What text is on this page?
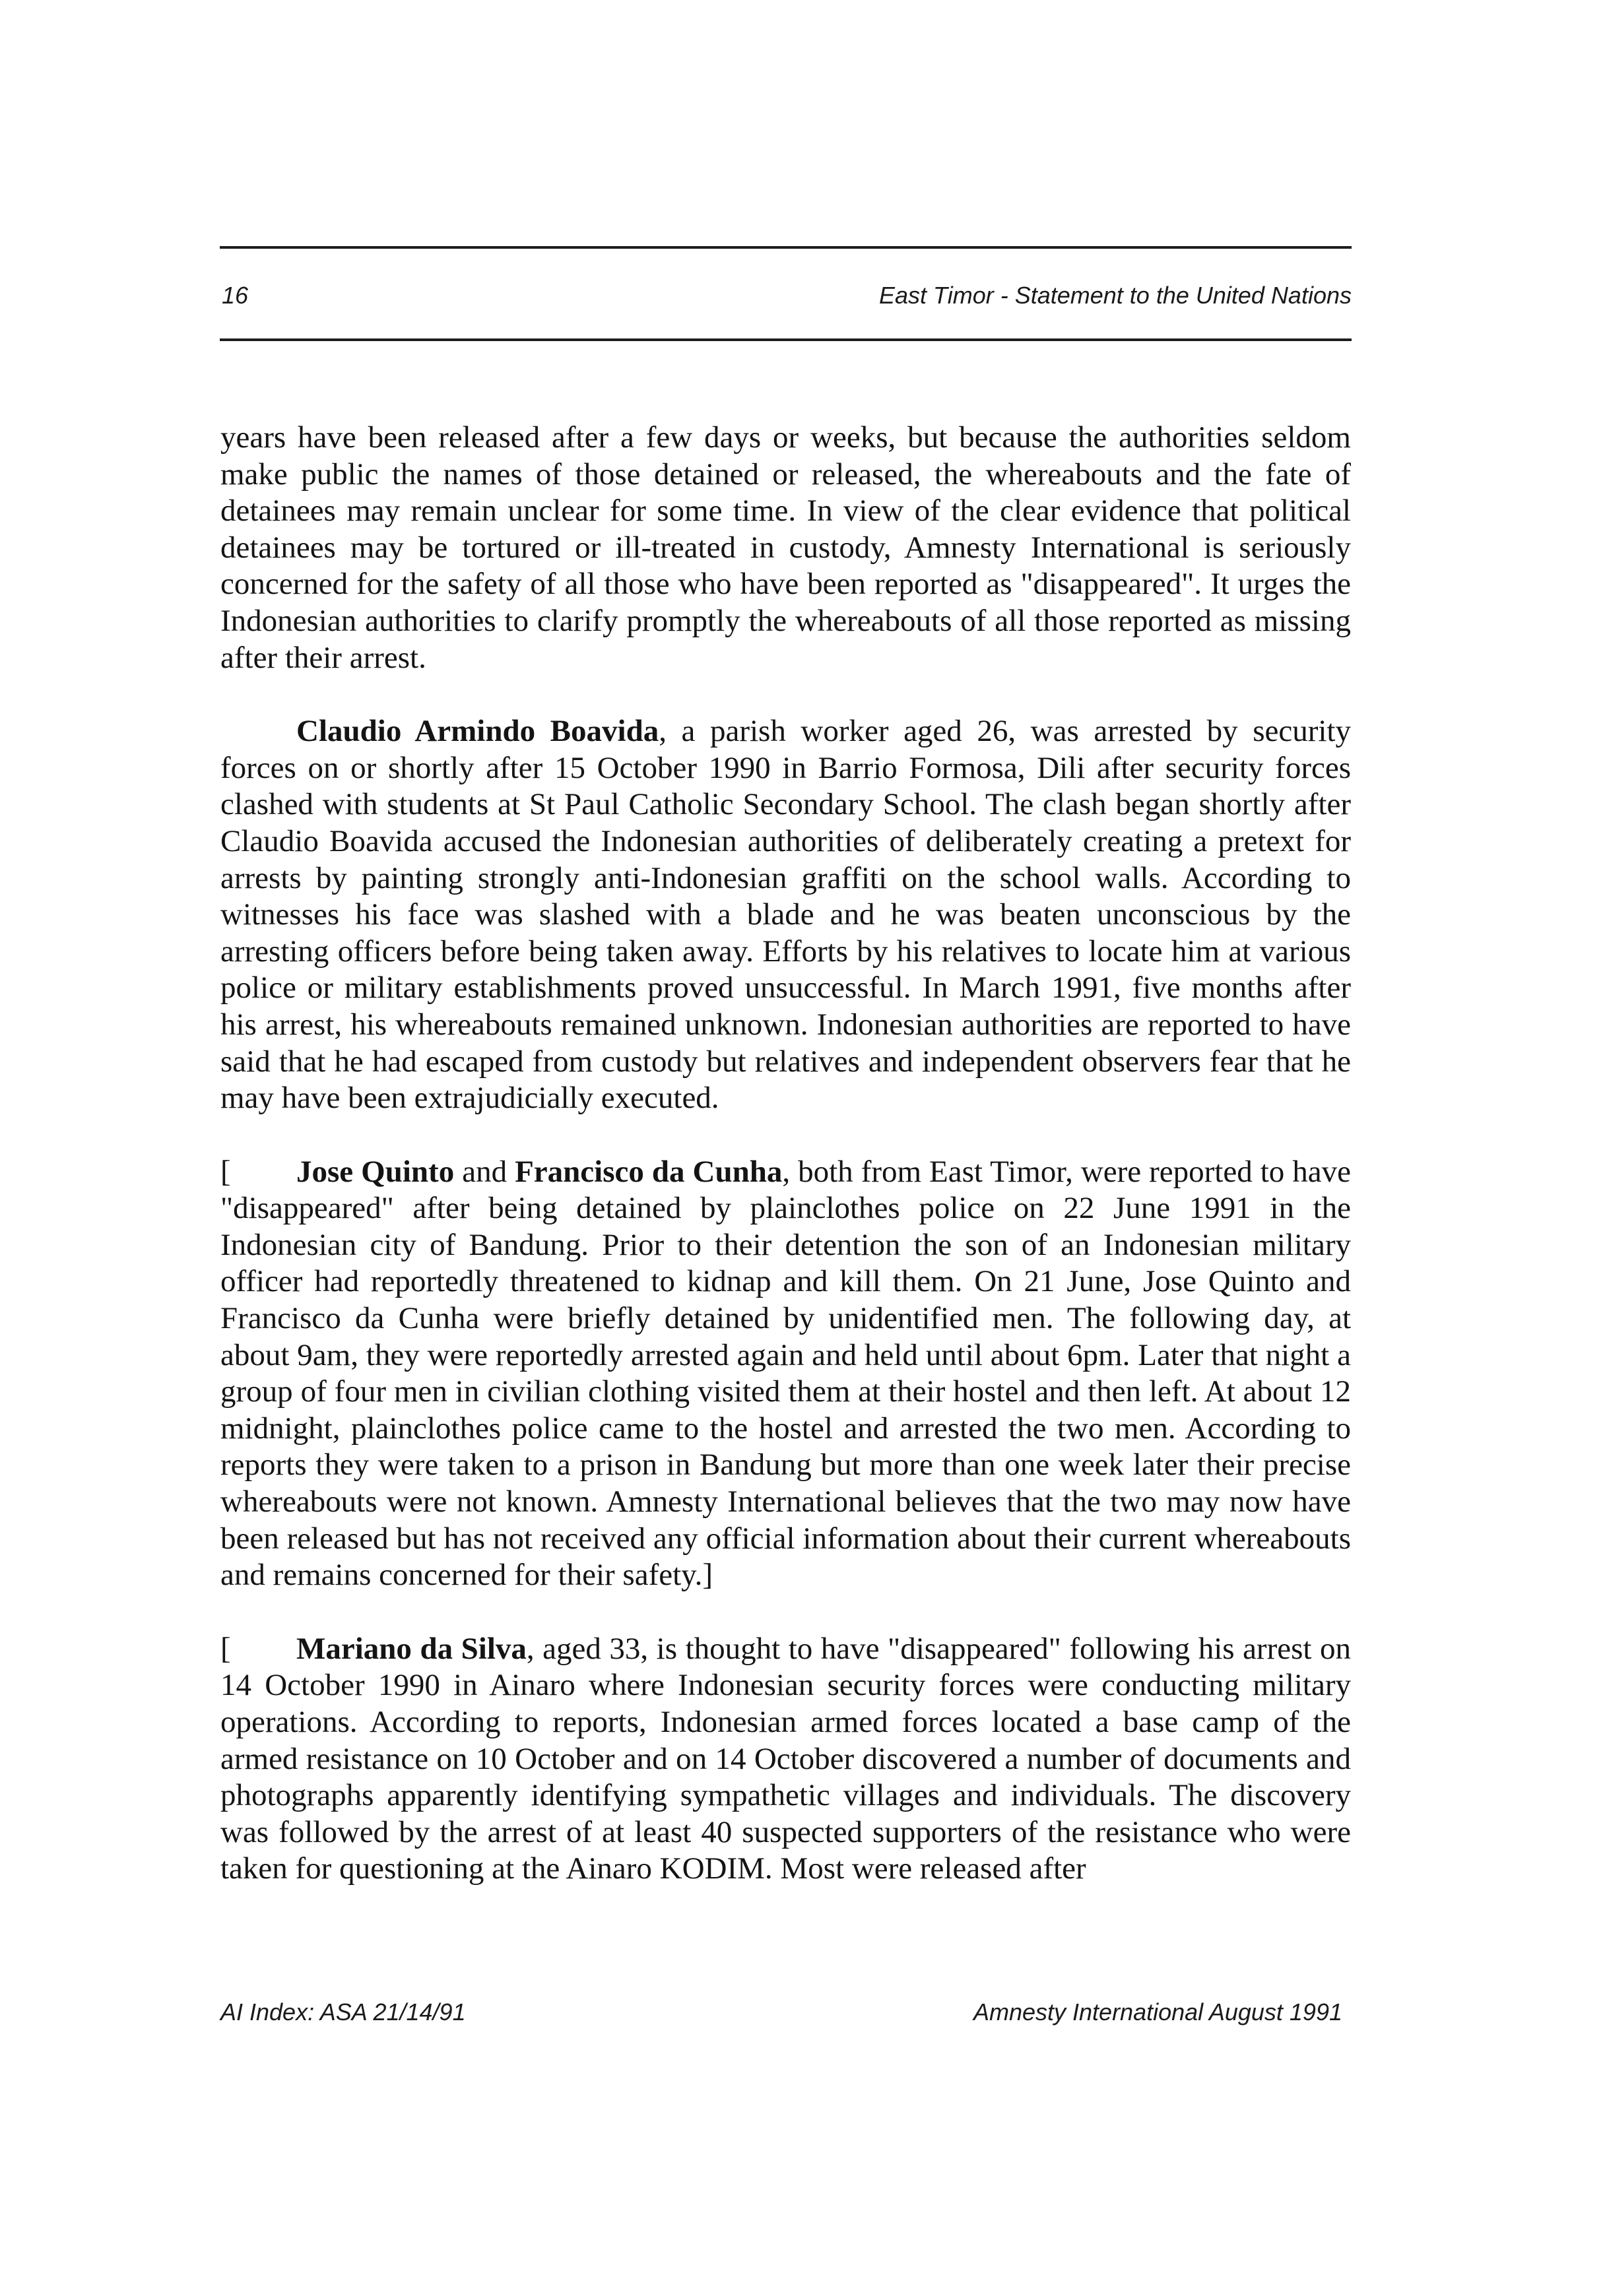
16	East Timor - Statement to the United Nations

years have been released after a few days or weeks, but because the authorities seldom make public the names of those detained or released, the whereabouts and the fate of detainees may remain unclear for some time. In view of the clear evidence that political detainees may be tortured or ill-treated in custody, Amnesty International is seriously concerned for the safety of all those who have been reported as "disappeared". It urges the Indonesian authorities to clarify promptly the whereabouts of all those reported as missing after their arrest.

Claudio Armindo Boavida, a parish worker aged 26, was arrested by security forces on or shortly after 15 October 1990 in Barrio Formosa, Dili after security forces clashed with students at St Paul Catholic Secondary School. The clash began shortly after Claudio Boavida accused the Indonesian authorities of deliberately creating a pretext for arrests by painting strongly anti-Indonesian graffiti on the school walls. According to witnesses his face was slashed with a blade and he was beaten unconscious by the arresting officers before being taken away. Efforts by his relatives to locate him at various police or military establishments proved unsuccessful. In March 1991, five months after his arrest, his whereabouts remained unknown. Indonesian authorities are reported to have said that he had escaped from custody but relatives and independent observers fear that he may have been extrajudicially executed.

[ Jose Quinto and Francisco da Cunha, both from East Timor, were reported to have "disappeared" after being detained by plainclothes police on 22 June 1991 in the Indonesian city of Bandung. Prior to their detention the son of an Indonesian military officer had reportedly threatened to kidnap and kill them. On 21 June, Jose Quinto and Francisco da Cunha were briefly detained by unidentified men. The following day, at about 9am, they were reportedly arrested again and held until about 6pm. Later that night a group of four men in civilian clothing visited them at their hostel and then left. At about 12 midnight, plainclothes police came to the hostel and arrested the two men. According to reports they were taken to a prison in Bandung but more than one week later their precise whereabouts were not known. Amnesty International believes that the two may now have been released but has not received any official information about their current whereabouts and remains concerned for their safety.]

[ Mariano da Silva, aged 33, is thought to have "disappeared" following his arrest on 14 October 1990 in Ainaro where Indonesian security forces were conducting military operations. According to reports, Indonesian armed forces located a base camp of the armed resistance on 10 October and on 14 October discovered a number of documents and photographs apparently identifying sympathetic villages and individuals. The discovery was followed by the arrest of at least 40 suspected supporters of the resistance who were taken for questioning at the Ainaro KODIM. Most were released after

AI Index: ASA 21/14/91	Amnesty International August 1991
